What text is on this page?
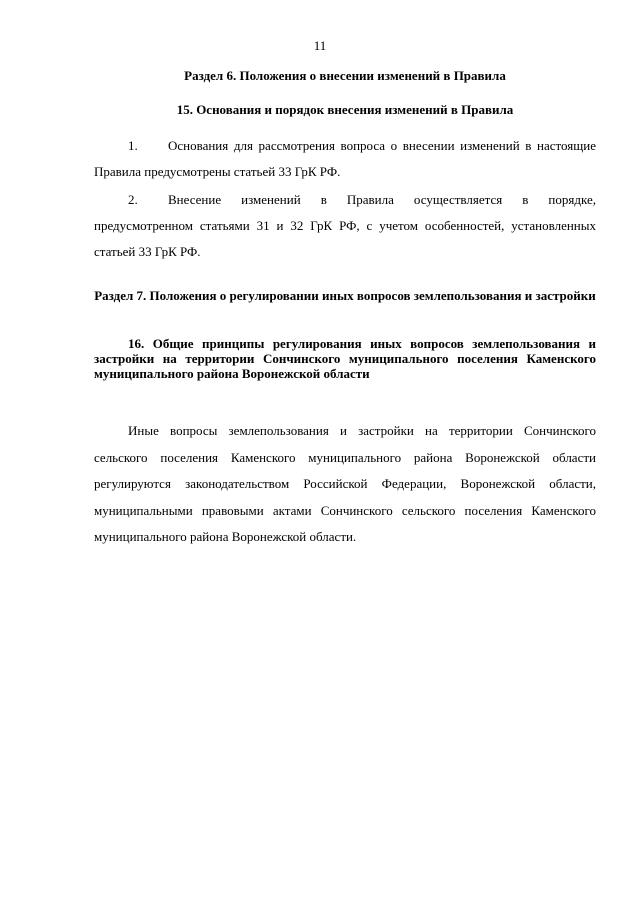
11
Раздел 6. Положения о внесении изменений в Правила
15. Основания и порядок внесения изменений в Правила
1. Основания для рассмотрения вопроса о внесении изменений в настоящие Правила предусмотрены статьей 33 ГрК РФ.
2. Внесение изменений в Правила осуществляется в порядке, предусмотренном статьями 31 и 32 ГрК РФ, с учетом особенностей, установленных статьей 33 ГрК РФ.
Раздел 7. Положения о регулировании иных вопросов землепользования и застройки
16. Общие принципы регулирования иных вопросов землепользования и застройки на территории Сончинского муниципального поселения Каменского муниципального района Воронежской области
Иные вопросы землепользования и застройки на территории Сончинского сельского поселения Каменского муниципального района Воронежской области регулируются законодательством Российской Федерации, Воронежской области, муниципальными правовыми актами Сончинского сельского поселения Каменского муниципального района Воронежской области.
